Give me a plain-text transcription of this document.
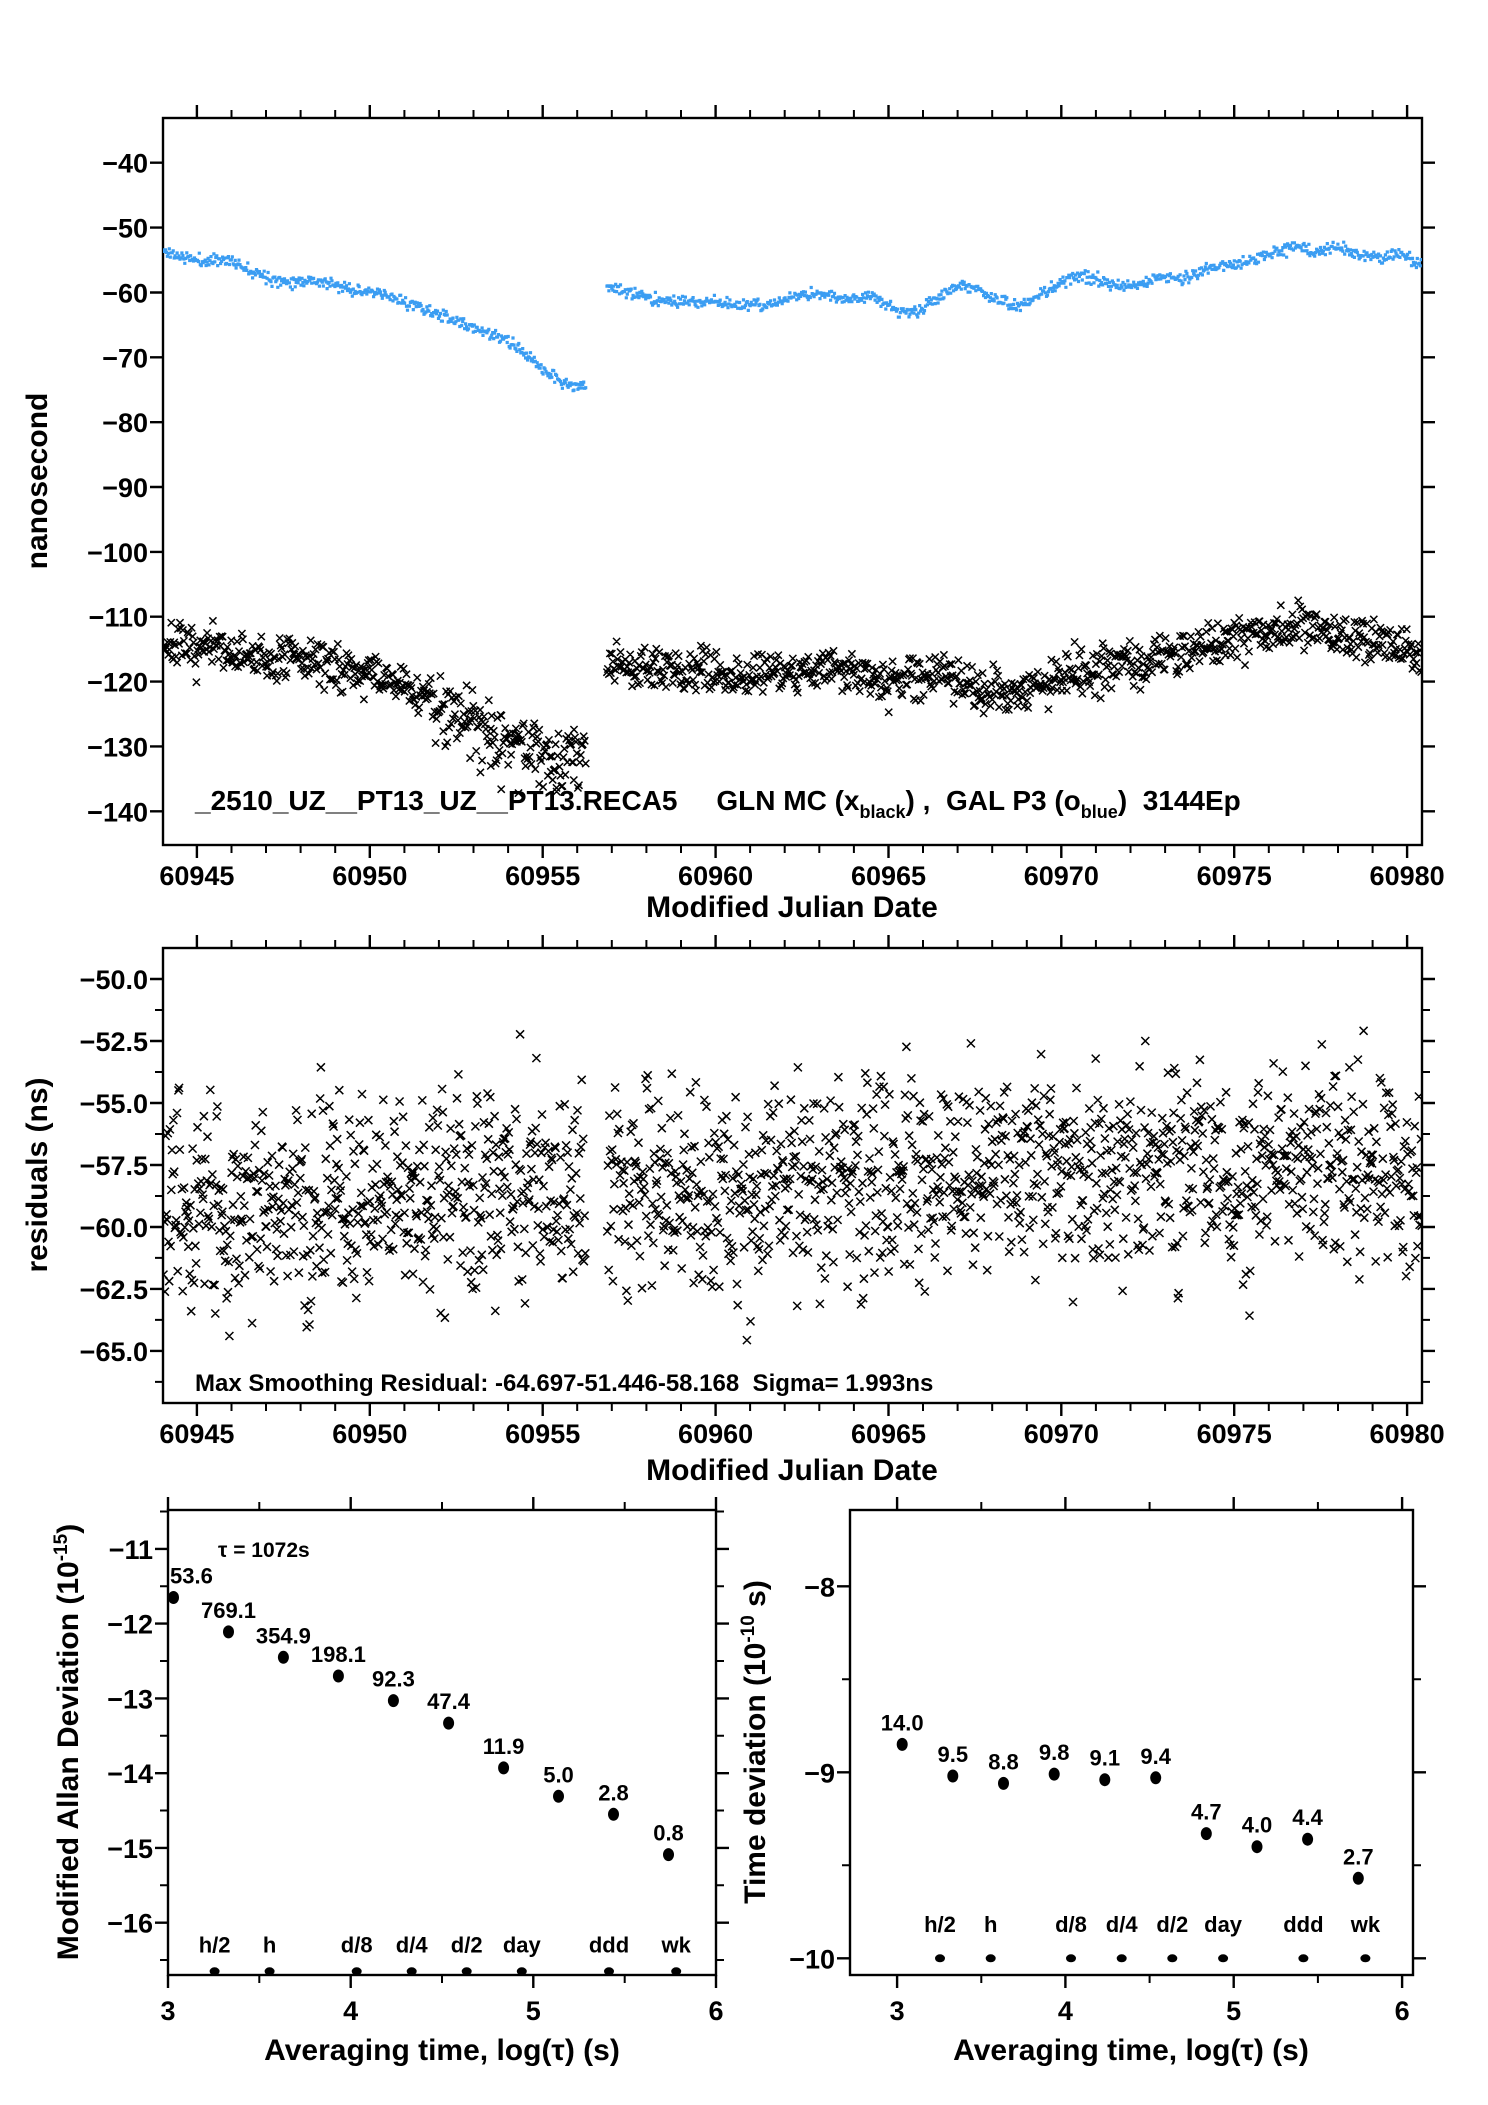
60945	60950	60955	60960	60965	60970	60975	60980
−40
−50
−60
−70
−80
−90
−100
−110
−120
−130
−140
60945	60950	60955	60960	60965	60970	60975	60980
−50.0
−52.5
−55.0
−57.5
−60.0
−62.5
−65.0
3	4	5	6
−11
−12
−13
−14
−15
−16
53.6
769.1
354.9
198.1
92.3
47.4
11.9
5.0
2.8
0.8
h/2 h	d/8 d/4 d/2 day ddd wk
3	4	5	6
−8
−9
−10
14.0
9.5 8.8 9.8 9.1 9.4
4.7
4.0 4.4
2.7
h/2 h	d/8 d/4 d/2 day ddd wk
_2510_UZ__PT13_UZ__PT13.RECA5     GLN MC $(x_{black})$ ,  GAL P3 $(o_{blue})$  3144Ep
Modified Allan Deviation $(10^{-15})$
Time deviation ($10^{-10}$ s)
nanosecond
Modified Julian Date
residuals (ns)
Modified Julian Date
Max Smoothing Residual: -64.697-51.446-58.168  Sigma= 1.993ns
Averaging time, log(τ) (s)	Averaging time, log(τ) (s)
τ = 1072s
